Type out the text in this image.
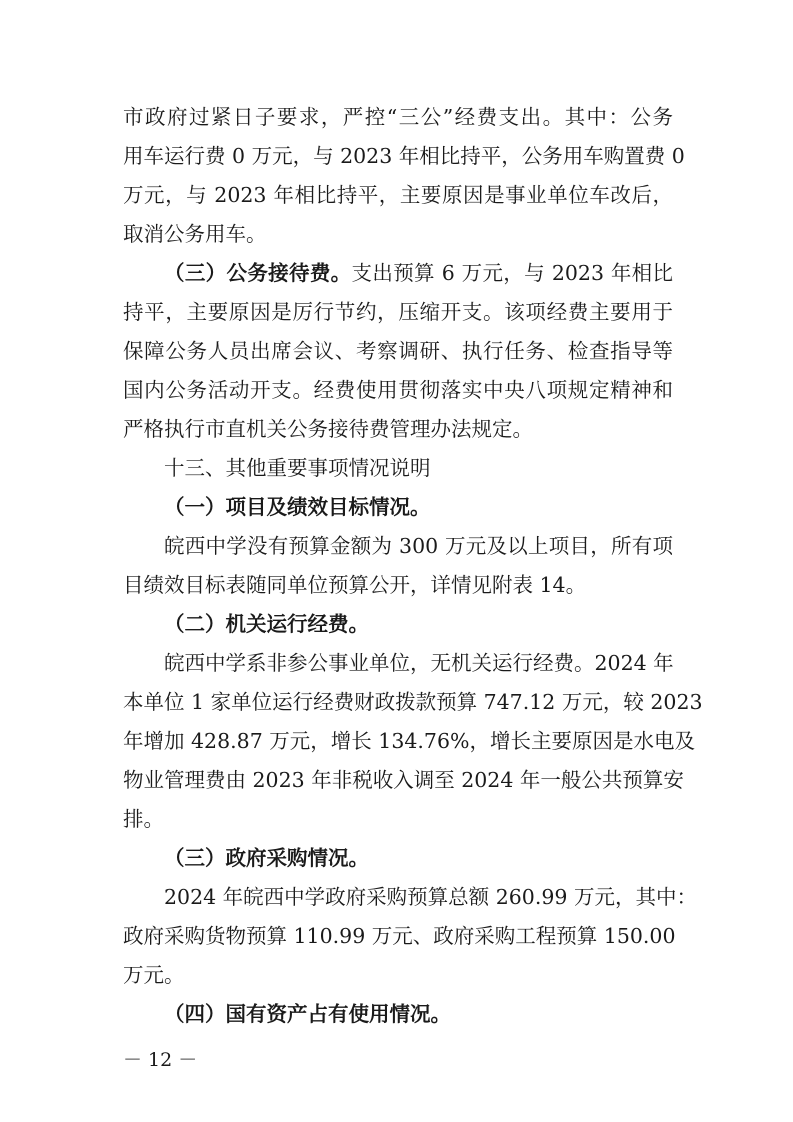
市政府过紧日子要求，严控“三公”经费支出。其中：公务
用车运行费 0 万元，与 2023 年相比持平，公务用车购置费 0
万元，与 2023 年相比持平，主要原因是事业单位车改后，
取消公务用车。
（三）公务接待费。支出预算 6 万元，与 2023 年相比
持平，主要原因是厉行节约，压缩开支。该项经费主要用于
保障公务人员出席会议、考察调研、执行任务、检查指导等
国内公务活动开支。经费使用贯彻落实中央八项规定精神和
严格执行市直机关公务接待费管理办法规定。
十三、其他重要事项情况说明
（一）项目及绩效目标情况。
皖西中学没有预算金额为 300 万元及以上项目，所有项
目绩效目标表随同单位预算公开，详情见附表 14。
（二）机关运行经费。
皖西中学系非参公事业单位，无机关运行经费。2024 年
本单位 1 家单位运行经费财政拨款预算 747.12 万元，较 2023
年增加 428.87 万元，增长 134.76%，增长主要原因是水电及
物业管理费由 2023 年非税收入调至 2024 年一般公共预算安
排。
（三）政府采购情况。
2024 年皖西中学政府采购预算总额 260.99 万元，其中：
政府采购货物预算 110.99 万元、政府采购工程预算 150.00
万元。
（四）国有资产占有使用情况。
－ 12 －
